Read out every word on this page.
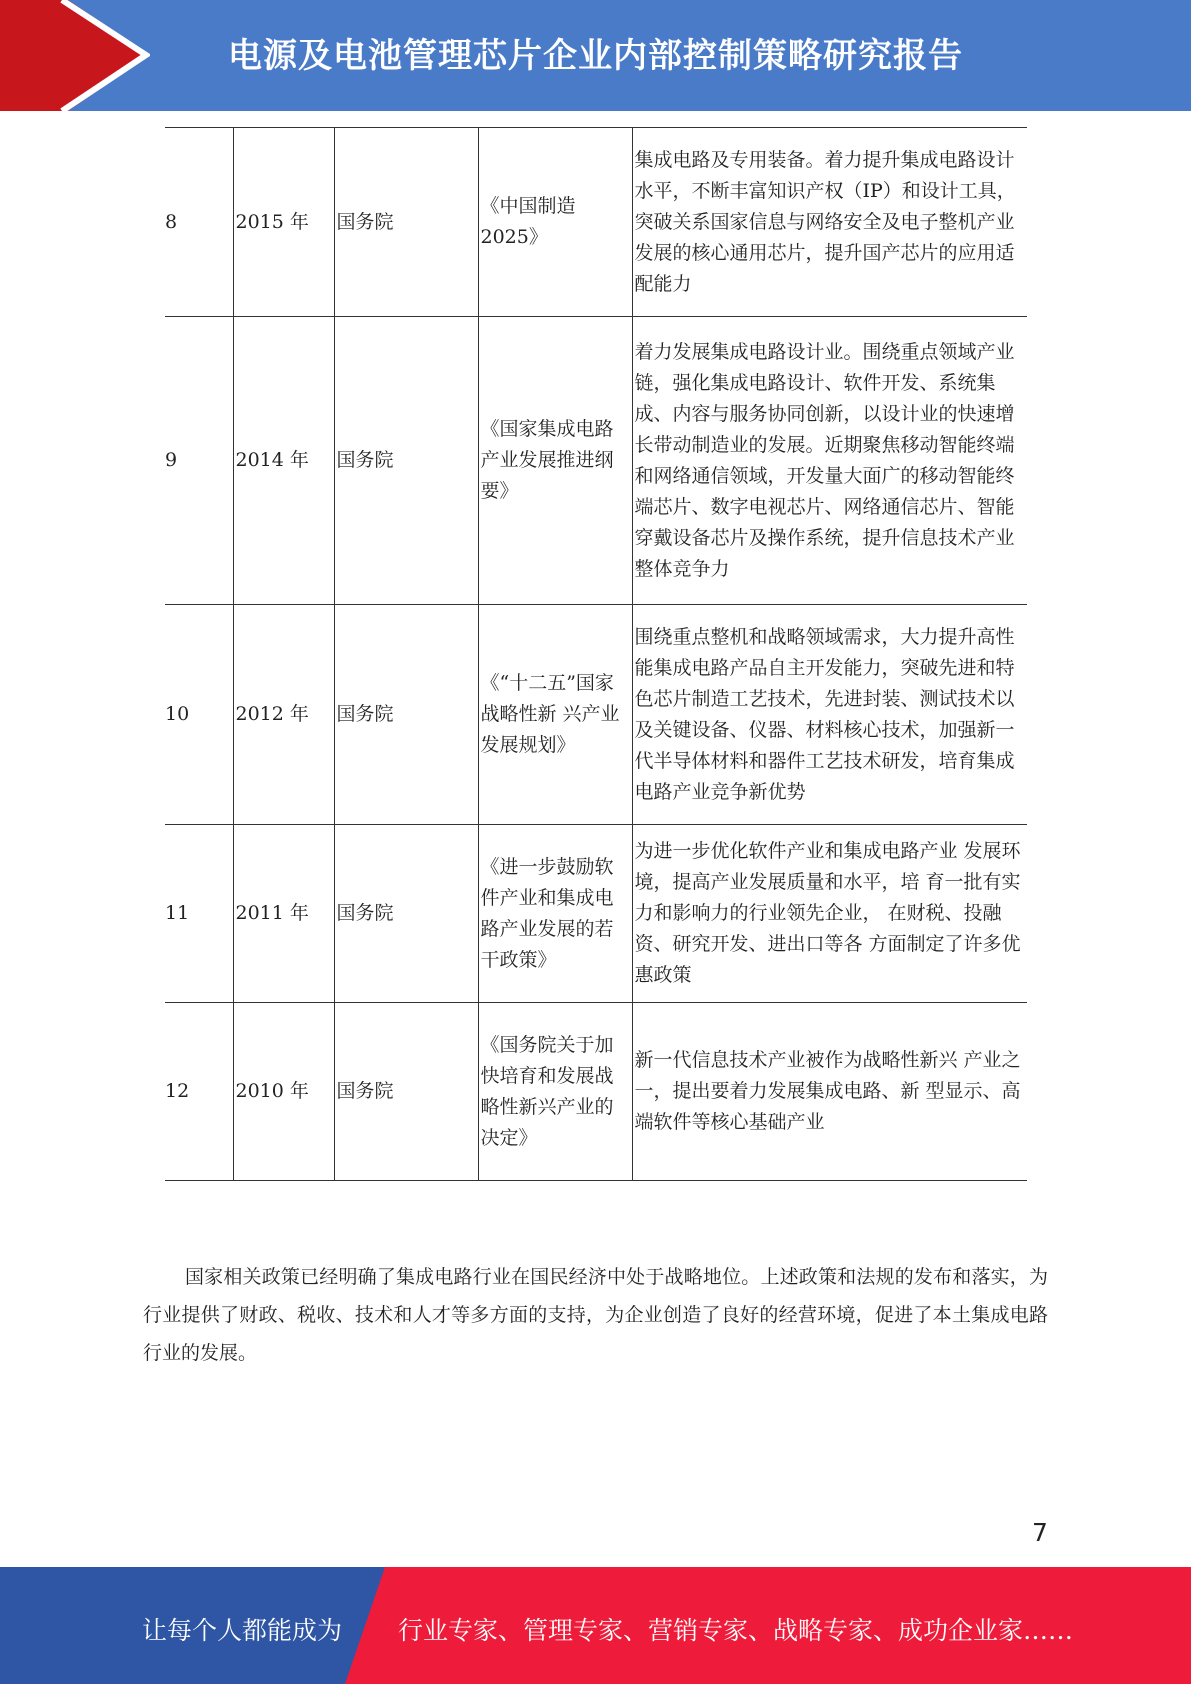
电源及电池管理芯片企业内部控制策略研究报告
8	2015 年	国务院	《中国制造 2025》	集成电路及专用装备。着力提升集成电路设计水平，不断丰富知识产权（IP）和设计工具，突破关系国家信息与网络安全及电子整机产业发展的核心通用芯片，提升国产芯片的应用适配能力
9	2014 年	国务院	《国家集成电路产业发展推进纲要》	着力发展集成电路设计业。围绕重点领域产业链，强化集成电路设计、软件开发、系统集成、内容与服务协同创新，以设计业的快速增长带动制造业的发展。近期聚焦移动智能终端和网络通信领域，开发量大面广的移动智能终端芯片、数字电视芯片、网络通信芯片、智能穿戴设备芯片及操作系统，提升信息技术产业整体竞争力
10	2012 年	国务院	《“十二五”国家战略性新 兴产业发展规划》	围绕重点整机和战略领域需求，大力提升高性能集成电路产品自主开发能力，突破先进和特色芯片制造工艺技术，先进封装、测试技术以及关键设备、仪器、材料核心技术，加强新一代半导体材料和器件工艺技术研发，培育集成电路产业竞争新优势
11	2011 年	国务院	《进一步鼓励软件产业和集成电路产业发展的若干政策》	为进一步优化软件产业和集成电路产业 发展环境，提高产业发展质量和水平，培 育一批有实力和影响力的行业领先企业， 在财税、投融资、研究开发、进出口等各 方面制定了许多优惠政策
12	2010 年	国务院	《国务院关于加快培育和发展战略性新兴产业的决定》	新一代信息技术产业被作为战略性新兴 产业之一，提出要着力发展集成电路、新 型显示、高端软件等核心基础产业

国家相关政策已经明确了集成电路行业在国民经济中处于战略地位。上述政策和法规的发布和落实，为行业提供了财政、税收、技术和人才等多方面的支持，为企业创造了良好的经营环境，促进了本土集成电路行业的发展。

7
让每个人都能成为 行业专家、管理专家、营销专家、战略专家、成功企业家……
